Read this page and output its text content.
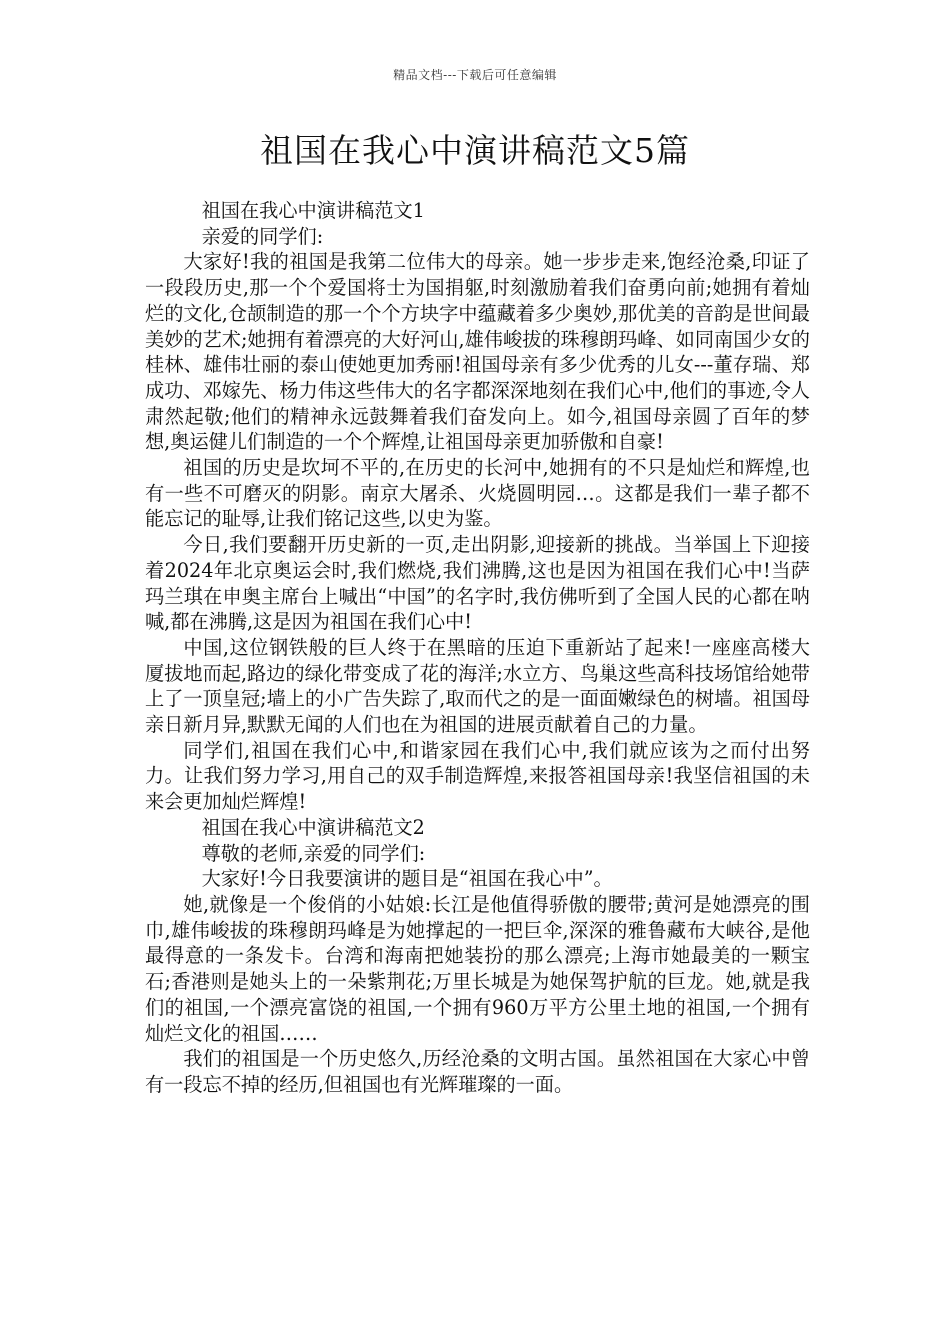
精品文档---下载后可任意编辑
祖国在我心中演讲稿范文5篇

祖国在我心中演讲稿范文1

亲爱的同学们:

大家好!我的祖国是我第二位伟大的母亲。她一步步走来,饱经沧桑,印证了一段段历史,那一个个爱国将士为国捐躯,时刻激励着我们奋勇向前;她拥有着灿烂的文化,仓颉制造的那一个个方块字中蕴藏着多少奥妙,那优美的音韵是世间最美妙的艺术;她拥有着漂亮的大好河山,雄伟峻拔的珠穆朗玛峰、如同南国少女的桂林、雄伟壮丽的泰山使她更加秀丽!祖国母亲有多少优秀的儿女---董存瑞、郑成功、邓嫁先、杨力伟这些伟大的名字都深深地刻在我们心中,他们的事迹,令人肃然起敬;他们的精神永远鼓舞着我们奋发向上。如今,祖国母亲圆了百年的梦想,奥运健儿们制造的一个个辉煌,让祖国母亲更加骄傲和自豪!

祖国的历史是坎坷不平的,在历史的长河中,她拥有的不只是灿烂和辉煌,也有一些不可磨灭的阴影。南京大屠杀、火烧圆明园…。这都是我们一辈子都不能忘记的耻辱,让我们铭记这些,以史为鉴。

今日,我们要翻开历史新的一页,走出阴影,迎接新的挑战。当举国上下迎接着2024年北京奥运会时,我们燃烧,我们沸腾,这也是因为祖国在我们心中!当萨玛兰琪在申奥主席台上喊出“中国”的名字时,我仿佛听到了全国人民的心都在呐喊,都在沸腾,这是因为祖国在我们心中!

中国,这位钢铁般的巨人终于在黑暗的压迫下重新站了起来!一座座高楼大厦拔地而起,路边的绿化带变成了花的海洋;水立方、鸟巢这些高科技场馆给她带上了一顶皇冠;墙上的小广告失踪了,取而代之的是一面面嫩绿色的树墙。祖国母亲日新月异,默默无闻的人们也在为祖国的进展贡献着自己的力量。

同学们,祖国在我们心中,和谐家园在我们心中,我们就应该为之而付出努力。让我们努力学习,用自己的双手制造辉煌,来报答祖国母亲!我坚信祖国的未来会更加灿烂辉煌!

祖国在我心中演讲稿范文2

尊敬的老师,亲爱的同学们:

大家好!今日我要演讲的题目是“祖国在我心中”。

她,就像是一个俊俏的小姑娘:长江是他值得骄傲的腰带;黄河是她漂亮的围巾,雄伟峻拔的珠穆朗玛峰是为她撑起的一把巨伞,深深的雅鲁藏布大峡谷,是他最得意的一条发卡。台湾和海南把她装扮的那么漂亮;上海市她最美的一颗宝石;香港则是她头上的一朵紫荆花;万里长城是为她保驾护航的巨龙。她,就是我们的祖国,一个漂亮富饶的祖国,一个拥有960万平方公里土地的祖国,一个拥有灿烂文化的祖国……

我们的祖国是一个历史悠久,历经沧桑的文明古国。虽然祖国在大家心中曾有一段忘不掉的经历,但祖国也有光辉璀璨的一面。
